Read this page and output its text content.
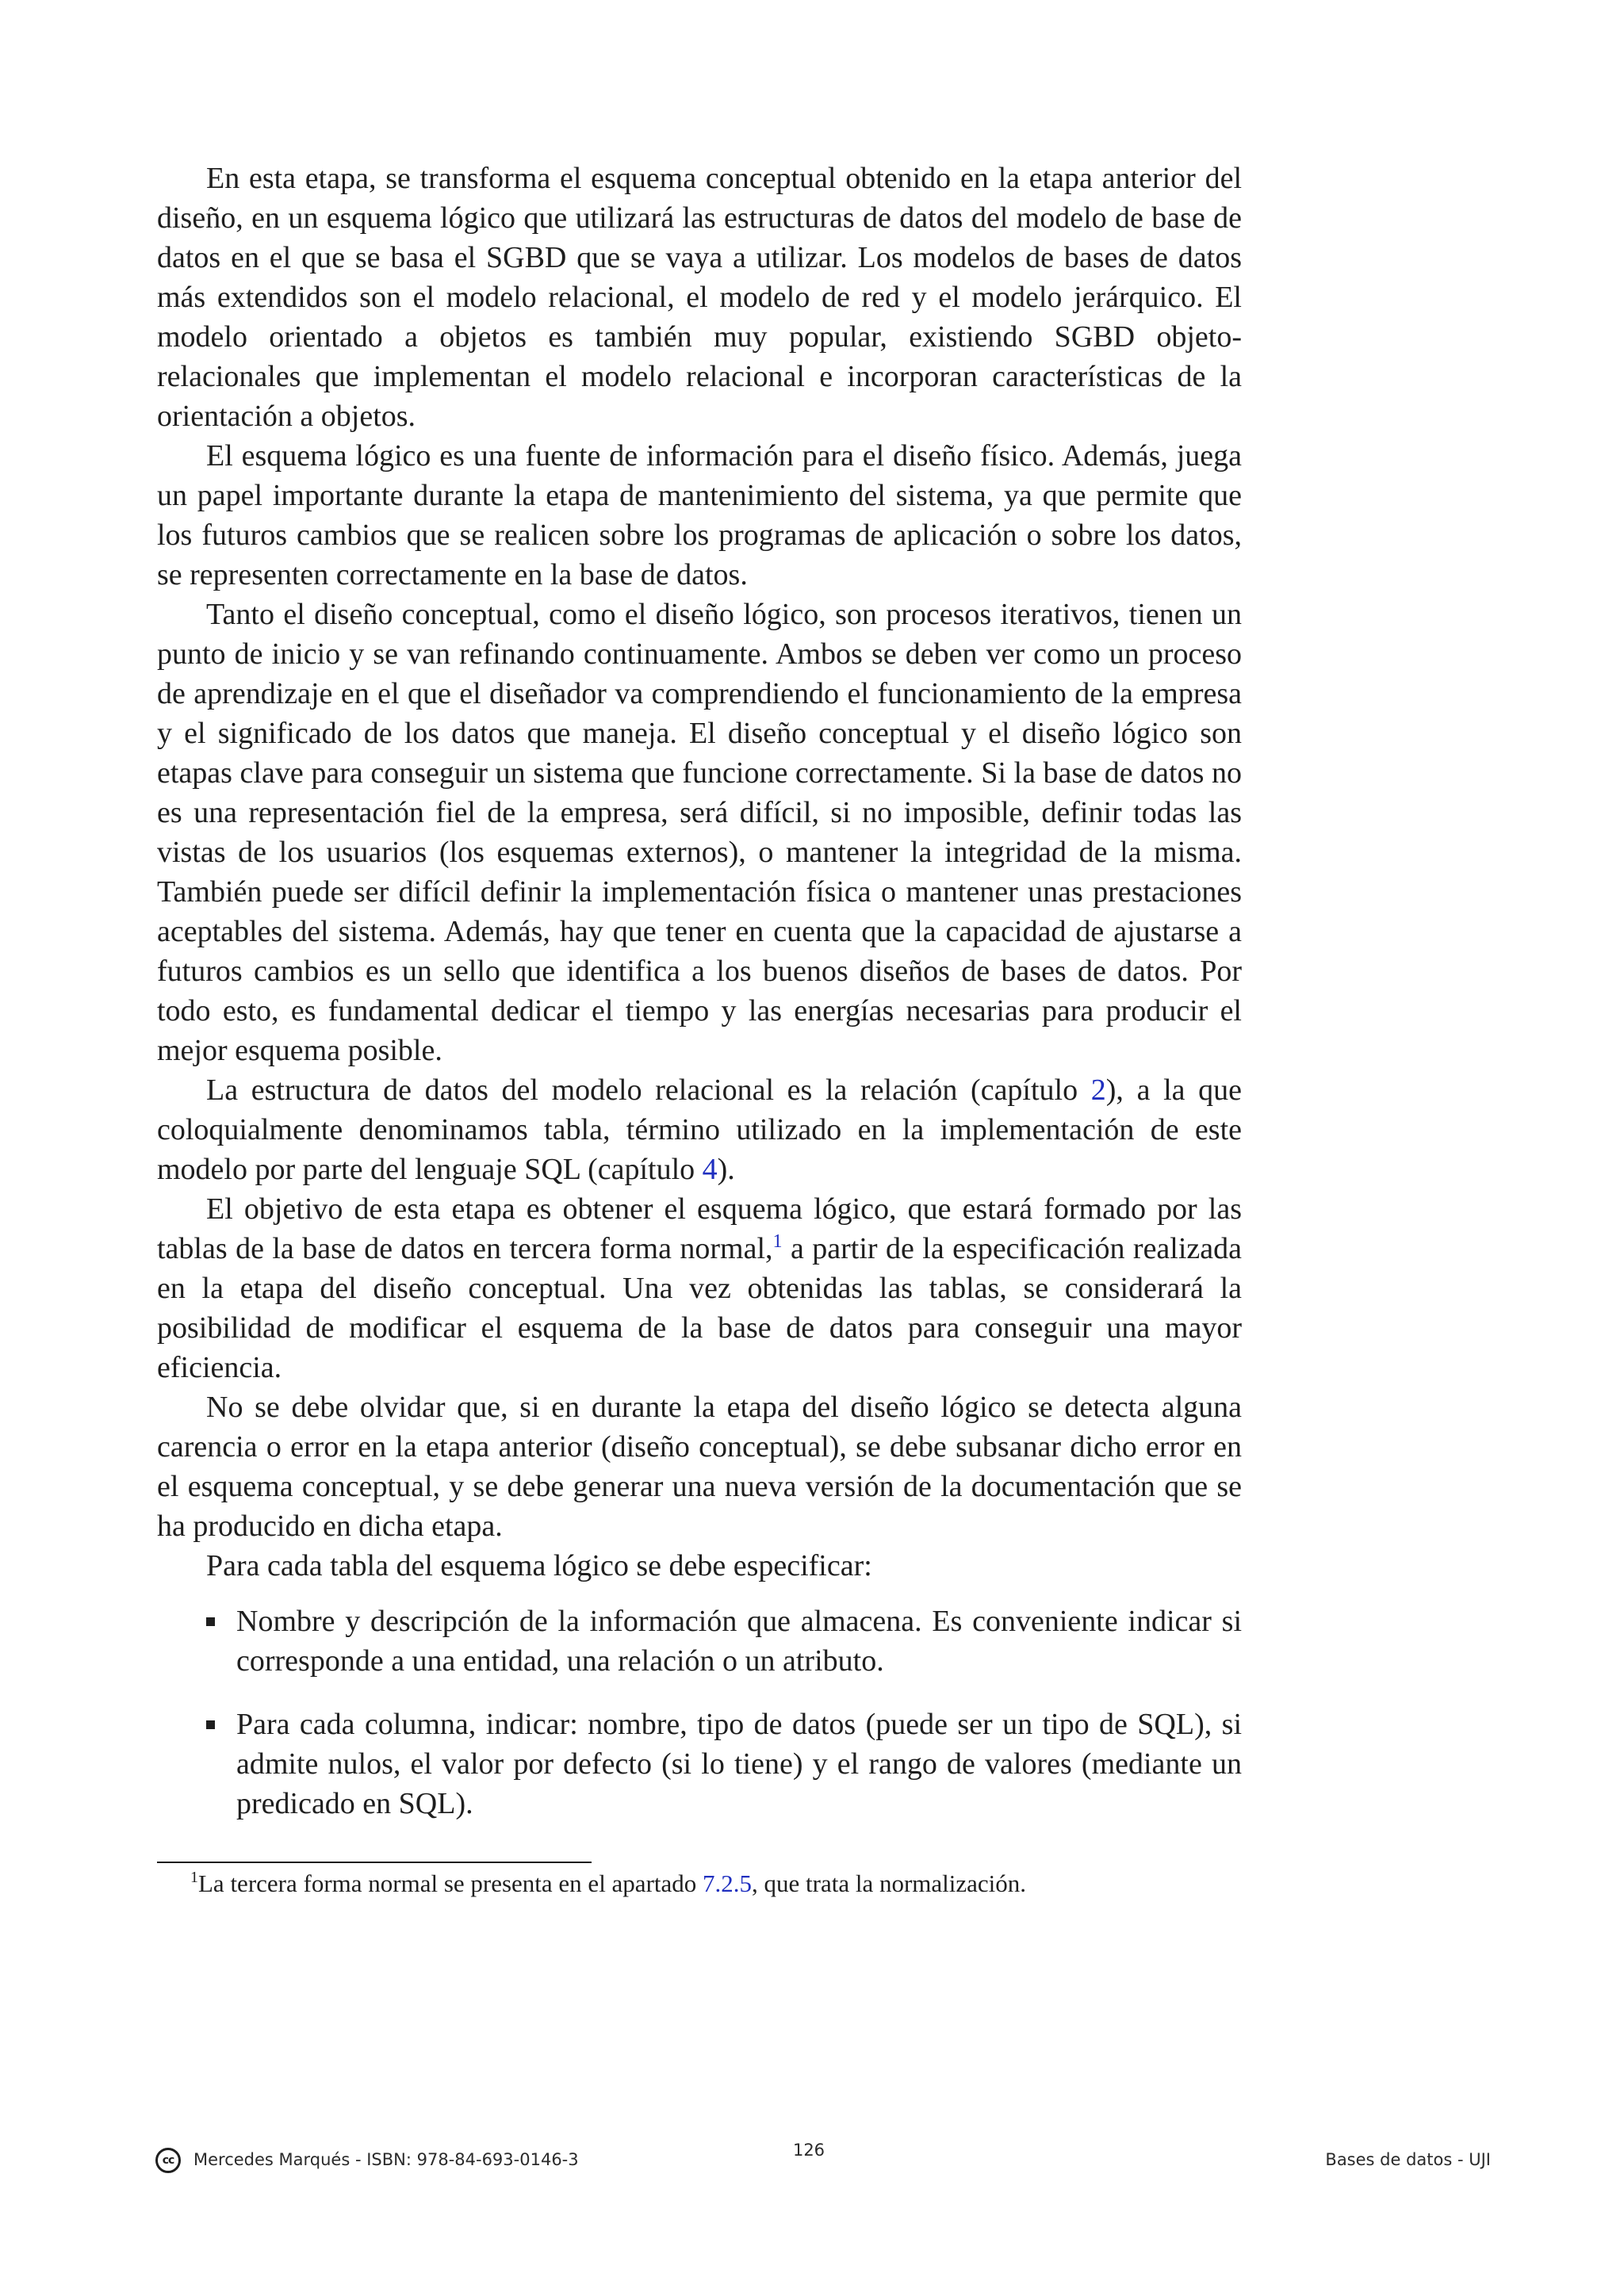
En esta etapa, se transforma el esquema conceptual obtenido en la etapa anterior del diseño, en un esquema lógico que utilizará las estructuras de datos del modelo de base de datos en el que se basa el SGBD que se vaya a utilizar. Los modelos de bases de datos más extendidos son el modelo relacional, el modelo de red y el modelo jerárquico. El modelo orientado a objetos es también muy popular, existiendo SGBD objeto-relacionales que implementan el modelo relacional e incorporan características de la orientación a objetos.

El esquema lógico es una fuente de información para el diseño físico. Además, juega un papel importante durante la etapa de mantenimiento del sistema, ya que permite que los futuros cambios que se realicen sobre los programas de aplicación o sobre los datos, se representen correctamente en la base de datos.

Tanto el diseño conceptual, como el diseño lógico, son procesos iterativos, tienen un punto de inicio y se van refinando continuamente. Ambos se deben ver como un proceso de aprendizaje en el que el diseñador va comprendiendo el funcionamiento de la empresa y el significado de los datos que maneja. El diseño conceptual y el diseño lógico son etapas clave para conseguir un sistema que funcione correctamente. Si la base de datos no es una representación fiel de la empresa, será difícil, si no imposible, definir todas las vistas de los usuarios (los esquemas externos), o mantener la integridad de la misma. También puede ser difícil definir la implementación física o mantener unas prestaciones aceptables del sistema. Además, hay que tener en cuenta que la capacidad de ajustarse a futuros cambios es un sello que identifica a los buenos diseños de bases de datos. Por todo esto, es fundamental dedicar el tiempo y las energías necesarias para producir el mejor esquema posible.

La estructura de datos del modelo relacional es la relación (capítulo 2), a la que coloquialmente denominamos tabla, término utilizado en la implementación de este modelo por parte del lenguaje SQL (capítulo 4).

El objetivo de esta etapa es obtener el esquema lógico, que estará formado por las tablas de la base de datos en tercera forma normal,$^1$ a partir de la especificación realizada en la etapa del diseño conceptual. Una vez obtenidas las tablas, se considerará la posibilidad de modificar el esquema de la base de datos para conseguir una mayor eficiencia.

No se debe olvidar que, si en durante la etapa del diseño lógico se detecta alguna carencia o error en la etapa anterior (diseño conceptual), se debe subsanar dicho error en el esquema conceptual, y se debe generar una nueva versión de la documentación que se ha producido en dicha etapa.

Para cada tabla del esquema lógico se debe especificar:

Nombre y descripción de la información que almacena. Es conveniente indicar si corresponde a una entidad, una relación o un atributo.
Para cada columna, indicar: nombre, tipo de datos (puede ser un tipo de SQL), si admite nulos, el valor por defecto (si lo tiene) y el rango de valores (mediante un predicado en SQL).
$^1$La tercera forma normal se presenta en el apartado 7.2.5, que trata la normalización.
cc	Mercedes Marqués - ISBN: 978-84-693-0146-3	126	Bases de datos - UJI
